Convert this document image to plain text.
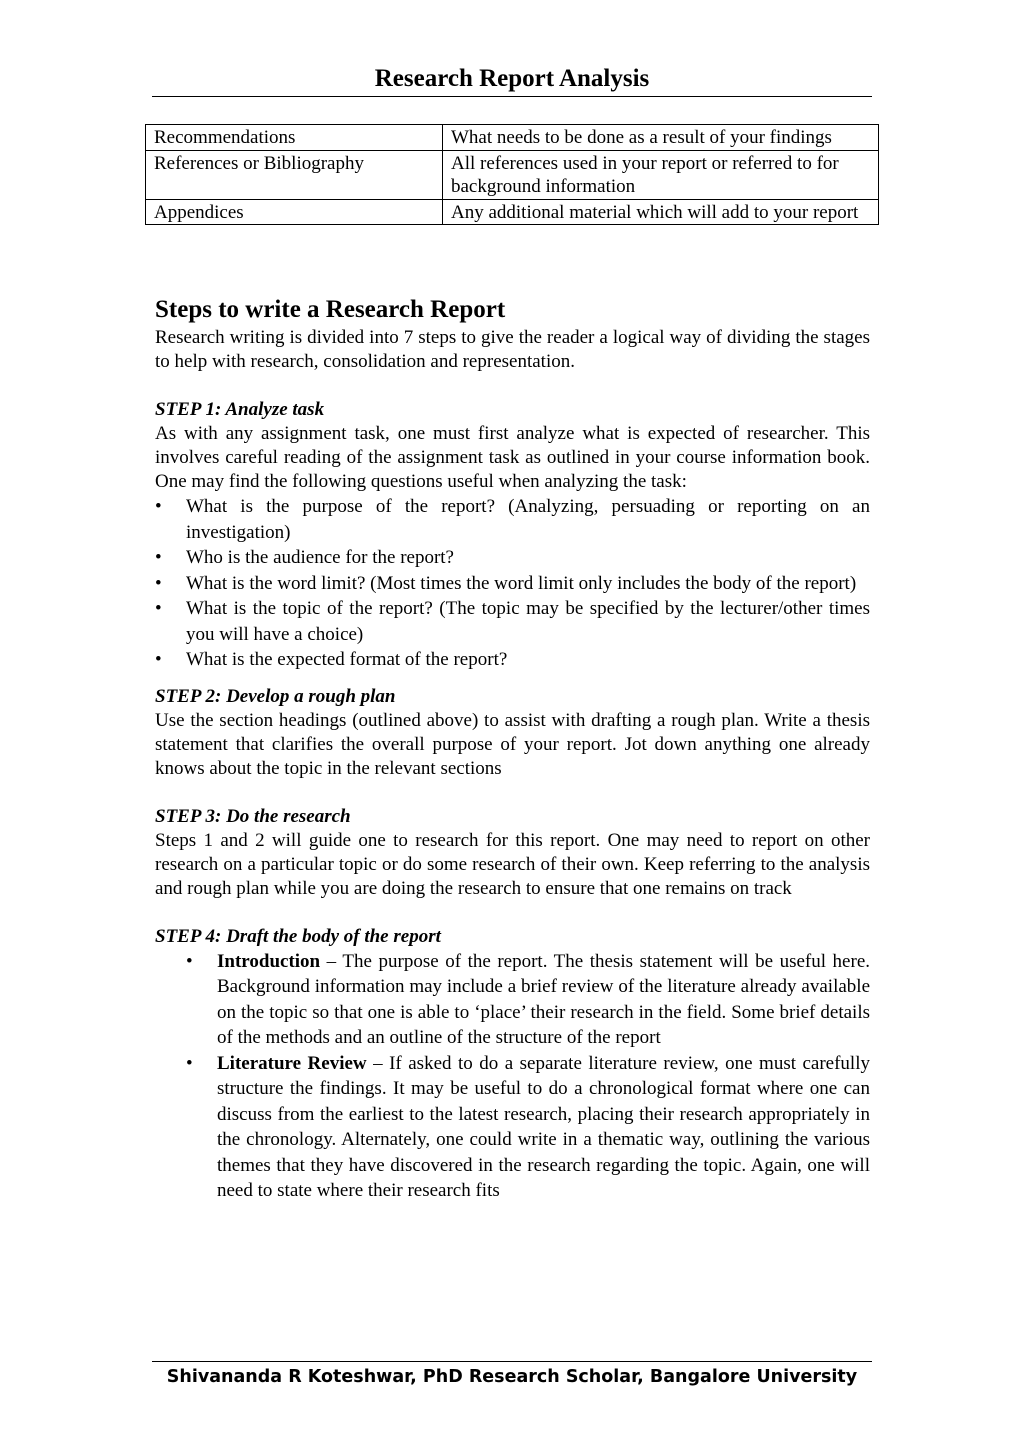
Research Report Analysis
Recommendations	What needs to be done as a result of your findings
References or Bibliography	All references used in your report or referred to for background information
Appendices	Any additional material which will add to your report
Steps to write a Research Report

Research writing is divided into 7 steps to give the reader a logical way of dividing the stages to help with research, consolidation and representation.

STEP 1: Analyze task

As with any assignment task, one must first analyze what is expected of researcher. This involves careful reading of the assignment task as outlined in your course information book. One may find the following questions useful when analyzing the task:

• What is the purpose of the report? (Analyzing, persuading or reporting on an investigation)
• Who is the audience for the report?
• What is the word limit? (Most times the word limit only includes the body of the report)
• What is the topic of the report? (The topic may be specified by the lecturer/other times you will have a choice)
• What is the expected format of the report?

STEP 2: Develop a rough plan

Use the section headings (outlined above) to assist with drafting a rough plan. Write a thesis statement that clarifies the overall purpose of your report. Jot down anything one already knows about the topic in the relevant sections

STEP 3: Do the research

Steps 1 and 2 will guide one to research for this report. One may need to report on other research on a particular topic or do some research of their own. Keep referring to the analysis and rough plan while you are doing the research to ensure that one remains on track

STEP 4: Draft the body of the report

• Introduction – The purpose of the report. The thesis statement will be useful here. Background information may include a brief review of the literature already available on the topic so that one is able to ‘place’ their research in the field. Some brief details of the methods and an outline of the structure of the report
• Literature Review – If asked to do a separate literature review, one must carefully structure the findings. It may be useful to do a chronological format where one can discuss from the earliest to the latest research, placing their research appropriately in the chronology. Alternately, one could write in a thematic way, outlining the various themes that they have discovered in the research regarding the topic. Again, one will need to state where their research fits
Shivananda R Koteshwar, PhD Research Scholar, Bangalore University
